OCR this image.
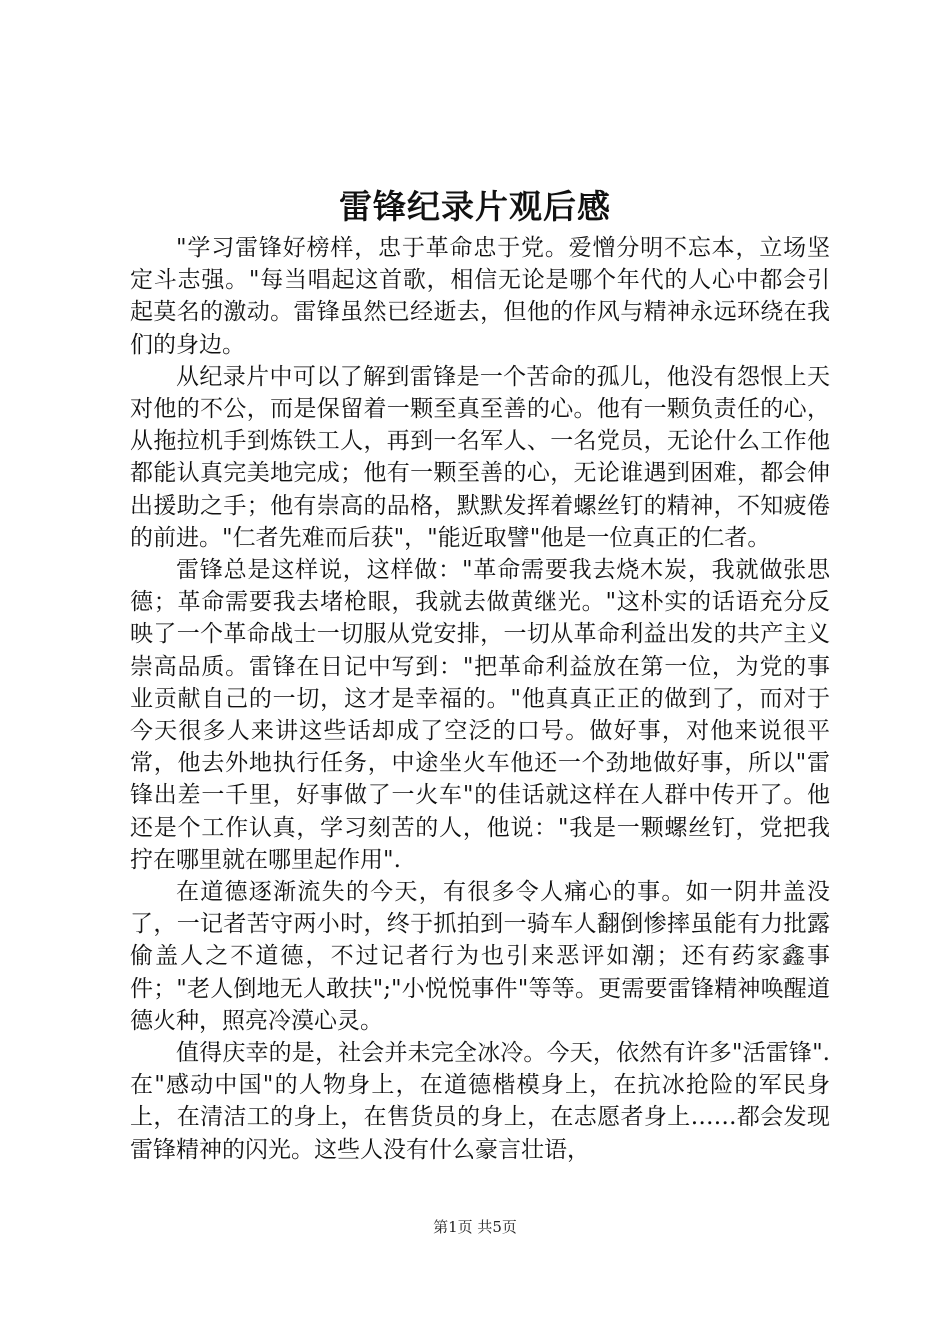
雷锋纪录片观后感

"学习雷锋好榜样，忠于革命忠于党。爱憎分明不忘本，立场坚定斗志强。"每当唱起这首歌，相信无论是哪个年代的人心中都会引起莫名的激动。雷锋虽然已经逝去，但他的作风与精神永远环绕在我们的身边。

从纪录片中可以了解到雷锋是一个苦命的孤儿，他没有怨恨上天对他的不公，而是保留着一颗至真至善的心。他有一颗负责任的心，从拖拉机手到炼铁工人，再到一名军人、一名党员，无论什么工作他都能认真完美地完成；他有一颗至善的心，无论谁遇到困难，都会伸出援助之手；他有崇高的品格，默默发挥着螺丝钉的精神，不知疲倦的前进。"仁者先难而后获"，"能近取譬"他是一位真正的仁者。

雷锋总是这样说，这样做："革命需要我去烧木炭，我就做张思德；革命需要我去堵枪眼，我就去做黄继光。"这朴实的话语充分反映了一个革命战士一切服从党安排，一切从革命利益出发的共产主义崇高品质。雷锋在日记中写到："把革命利益放在第一位，为党的事业贡献自己的一切，这才是幸福的。"他真真正正的做到了，而对于今天很多人来讲这些话却成了空泛的口号。做好事，对他来说很平常，他去外地执行任务，中途坐火车他还一个劲地做好事，所以"雷锋出差一千里，好事做了一火车"的佳话就这样在人群中传开了。他还是个工作认真，学习刻苦的人，他说："我是一颗螺丝钉，党把我拧在哪里就在哪里起作用".

在道德逐渐流失的今天，有很多令人痛心的事。如一阴井盖没了，一记者苦守两小时，终于抓拍到一骑车人翻倒惨摔虽能有力批露偷盖人之不道德，不过记者行为也引来恶评如潮；还有药家鑫事件；"老人倒地无人敢扶";"小悦悦事件"等等。更需要雷锋精神唤醒道德火种，照亮冷漠心灵。

值得庆幸的是，社会并未完全冰冷。今天，依然有许多"活雷锋".在"感动中国"的人物身上，在道德楷模身上，在抗冰抢险的军民身上，在清洁工的身上，在售货员的身上，在志愿者身上……都会发现雷锋精神的闪光。这些人没有什么豪言壮语，

第1页 共5页
